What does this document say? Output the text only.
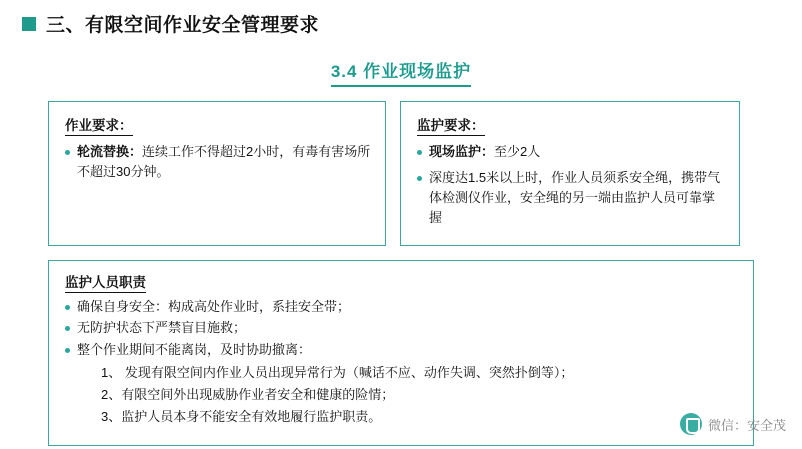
三、有限空间作业安全管理要求
3.4 作业现场监护
作业要求：
轮流替换：连续工作不得超过2小时，有毒有害场所不超过30分钟。
监护要求：
现场监护：至少2人
深度达1.5米以上时，作业人员须系安全绳，携带气体检测仪作业，安全绳的另一端由监护人员可靠掌握
监护人员职责
确保自身安全：构成高处作业时，系挂安全带；
无防护状态下严禁盲目施救；
整个作业期间不能离岗，及时协助撤离：
1、 发现有限空间内作业人员出现异常行为（喊话不应、动作失调、突然扑倒等）；
2、有限空间外出现威胁作业者安全和健康的险情；
3、监护人员本身不能安全有效地履行监护职责。
微信：安全茂
